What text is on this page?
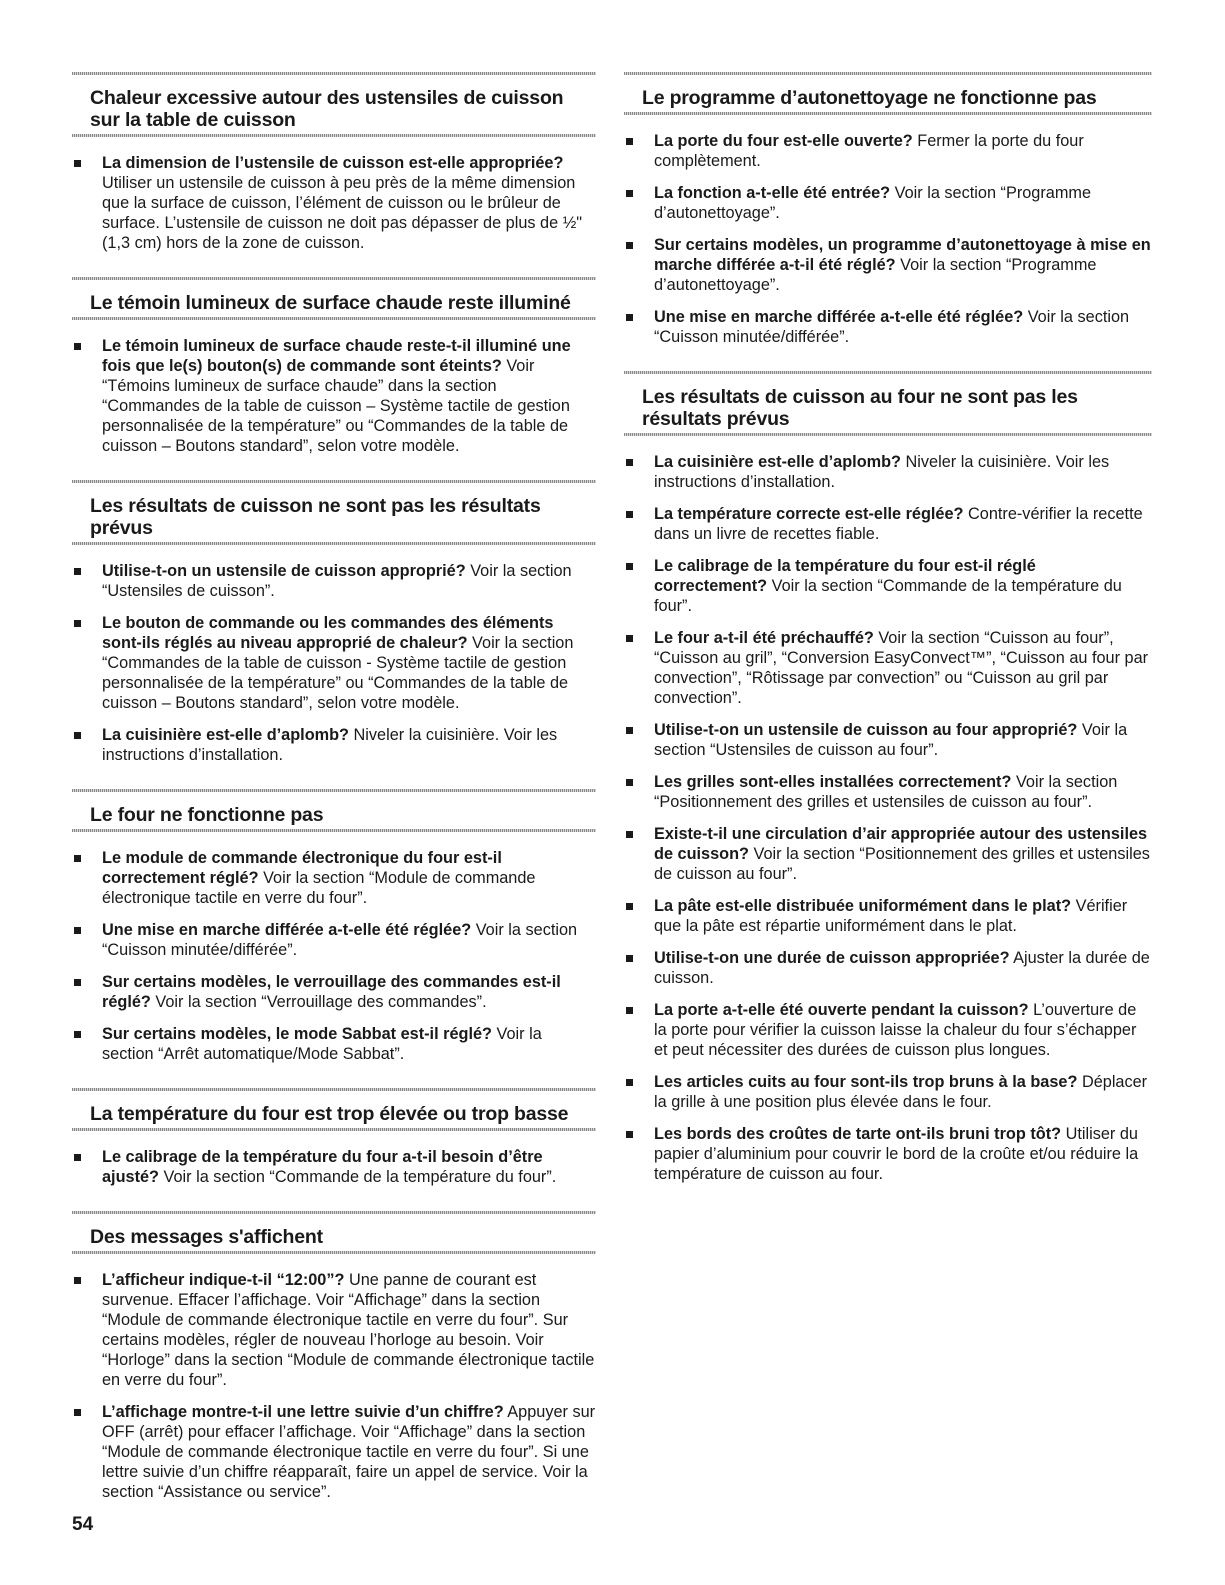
Chaleur excessive autour des ustensiles de cuisson sur la table de cuisson
La dimension de l’ustensile de cuisson est-elle appropriée? Utiliser un ustensile de cuisson à peu près de la même dimension que la surface de cuisson, l’élément de cuisson ou le brûleur de surface. L’ustensile de cuisson ne doit pas dépasser de plus de ½" (1,3 cm) hors de la zone de cuisson.
Le témoin lumineux de surface chaude reste illuminé
Le témoin lumineux de surface chaude reste-t-il illuminé une fois que le(s) bouton(s) de commande sont éteints? Voir “Témoins lumineux de surface chaude” dans la section “Commandes de la table de cuisson – Système tactile de gestion personnalisée de la température” ou “Commandes de la table de cuisson – Boutons standard”, selon votre modèle.
Les résultats de cuisson ne sont pas les résultats prévus
Utilise-t-on un ustensile de cuisson approprié? Voir la section “Ustensiles de cuisson”.
Le bouton de commande ou les commandes des éléments sont-ils réglés au niveau approprié de chaleur? Voir la section “Commandes de la table de cuisson - Système tactile de gestion personnalisée de la température” ou “Commandes de la table de cuisson – Boutons standard”, selon votre modèle.
La cuisinière est-elle d’aplomb? Niveler la cuisinière. Voir les instructions d’installation.
Le four ne fonctionne pas
Le module de commande électronique du four est-il correctement réglé? Voir la section “Module de commande électronique tactile en verre du four”.
Une mise en marche différée a-t-elle été réglée? Voir la section “Cuisson minutée/différée”.
Sur certains modèles, le verrouillage des commandes est-il réglé? Voir la section “Verrouillage des commandes”.
Sur certains modèles, le mode Sabbat est-il réglé? Voir la section “Arrêt automatique/Mode Sabbat”.
La température du four est trop élevée ou trop basse
Le calibrage de la température du four a-t-il besoin d’être ajusté? Voir la section “Commande de la température du four”.
Des messages s'affichent
L’afficheur indique-t-il “12:00”? Une panne de courant est survenue. Effacer l’affichage. Voir “Affichage” dans la section “Module de commande électronique tactile en verre du four”. Sur certains modèles, régler de nouveau l’horloge au besoin. Voir “Horloge” dans la section “Module de commande électronique tactile en verre du four”.
L’affichage montre-t-il une lettre suivie d’un chiffre? Appuyer sur OFF (arrêt) pour effacer l’affichage. Voir “Affichage” dans la section “Module de commande électronique tactile en verre du four”. Si une lettre suivie d’un chiffre réapparaît, faire un appel de service. Voir la section “Assistance ou service”.
Le programme d’autonettoyage ne fonctionne pas
La porte du four est-elle ouverte? Fermer la porte du four complètement.
La fonction a-t-elle été entrée? Voir la section “Programme d’autonettoyage”.
Sur certains modèles, un programme d’autonettoyage à mise en marche différée a-t-il été réglé? Voir la section “Programme d’autonettoyage”.
Une mise en marche différée a-t-elle été réglée? Voir la section “Cuisson minutée/différée”.
Les résultats de cuisson au four ne sont pas les résultats prévus
La cuisinière est-elle d’aplomb? Niveler la cuisinière. Voir les instructions d’installation.
La température correcte est-elle réglée? Contre-vérifier la recette dans un livre de recettes fiable.
Le calibrage de la température du four est-il réglé correctement? Voir la section “Commande de la température du four”.
Le four a-t-il été préchauffé? Voir la section “Cuisson au four”, “Cuisson au gril”, “Conversion EasyConvect™”, “Cuisson au four par convection”, “Rôtissage par convection” ou “Cuisson au gril par convection”.
Utilise-t-on un ustensile de cuisson au four approprié? Voir la section “Ustensiles de cuisson au four”.
Les grilles sont-elles installées correctement? Voir la section “Positionnement des grilles et ustensiles de cuisson au four”.
Existe-t-il une circulation d’air appropriée autour des ustensiles de cuisson? Voir la section “Positionnement des grilles et ustensiles de cuisson au four”.
La pâte est-elle distribuée uniformément dans le plat? Vérifier que la pâte est répartie uniformément dans le plat.
Utilise-t-on une durée de cuisson appropriée? Ajuster la durée de cuisson.
La porte a-t-elle été ouverte pendant la cuisson? L’ouverture de la porte pour vérifier la cuisson laisse la chaleur du four s’échapper et peut nécessiter des durées de cuisson plus longues.
Les articles cuits au four sont-ils trop bruns à la base? Déplacer la grille à une position plus élevée dans le four.
Les bords des croûtes de tarte ont-ils bruni trop tôt? Utiliser du papier d’aluminium pour couvrir le bord de la croûte et/ou réduire la température de cuisson au four.
54
